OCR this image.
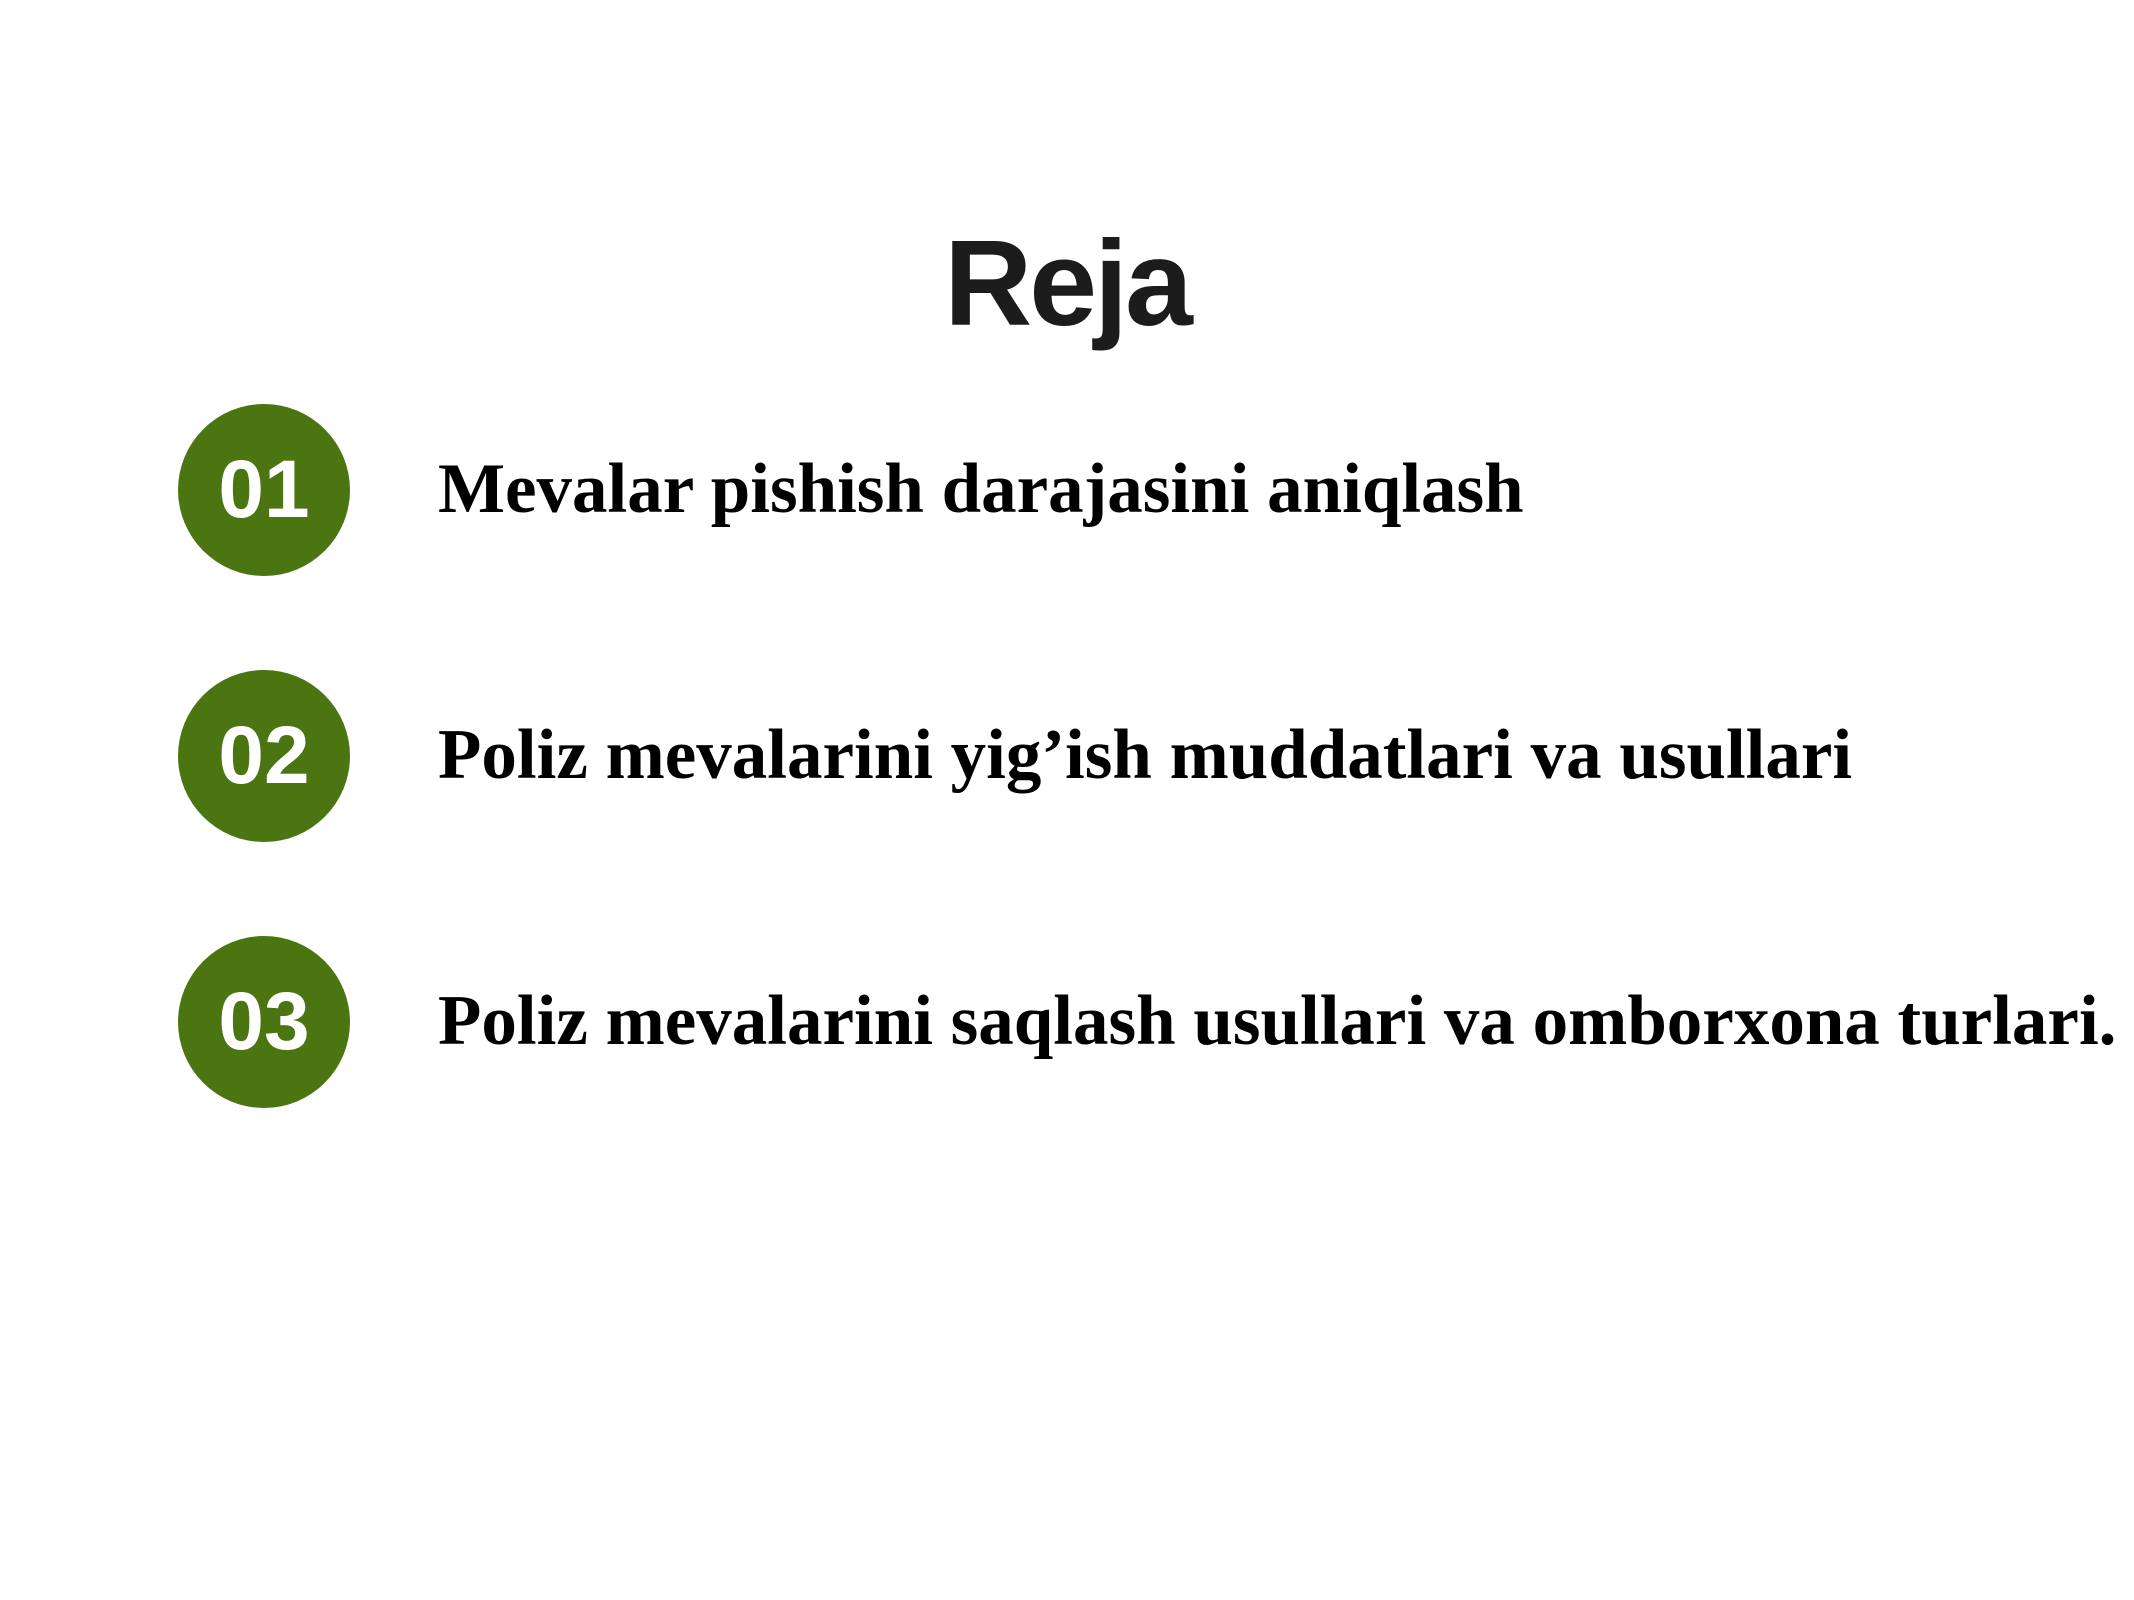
Reja
01 Mevalar pishish darajasini aniqlash
02 Poliz mevalarini yig’ish muddatlari va usullari
03 Poliz mevalarini saqlash usullari va omborxona turlari.
